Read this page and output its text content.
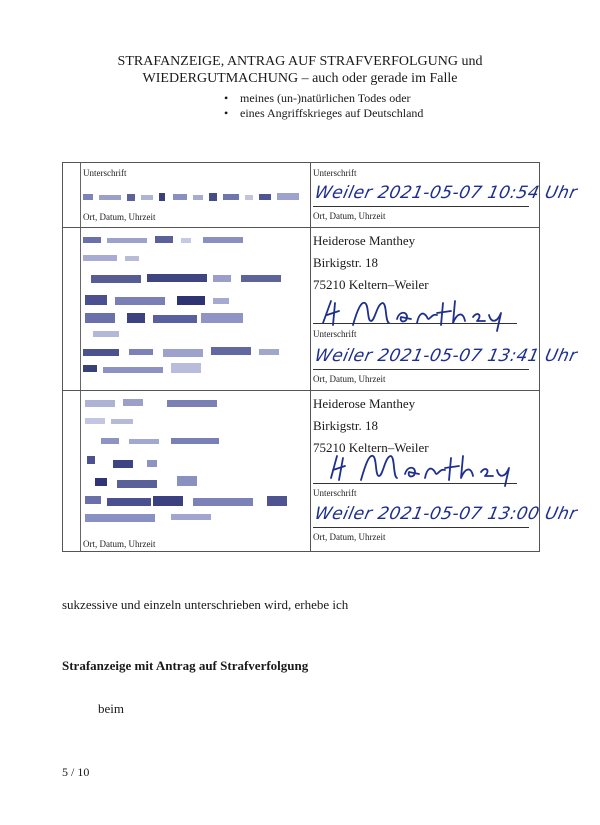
STRAFANZEIGE, ANTRAG AUF STRAFVERFOLGUNG und
WIEDERGUTMACHUNG – auch oder gerade im Falle
• meines (un-)natürlichen Todes oder
• eines Angriffskrieges auf Deutschland
Unterschrift
Ort, Datum, Uhrzeit
Unterschrift
Weiler 2021-05-07 10:54 Uhr
Ort, Datum, Uhrzeit
Heiderose Manthey
Birkigstr. 18
75210 Keltern–Weiler
Unterschrift
Weiler 2021-05-07 13:41 Uhr
Ort, Datum, Uhrzeit
Ort, Datum, Uhrzeit
Heiderose Manthey
Birkigstr. 18
75210 Keltern–Weiler
Unterschrift
Weiler 2021-05-07 13:00 Uhr
Ort, Datum, Uhrzeit
sukzessive und einzeln unterschrieben wird, erhebe ich
Strafanzeige mit Antrag auf Strafverfolgung
beim
5 / 10
